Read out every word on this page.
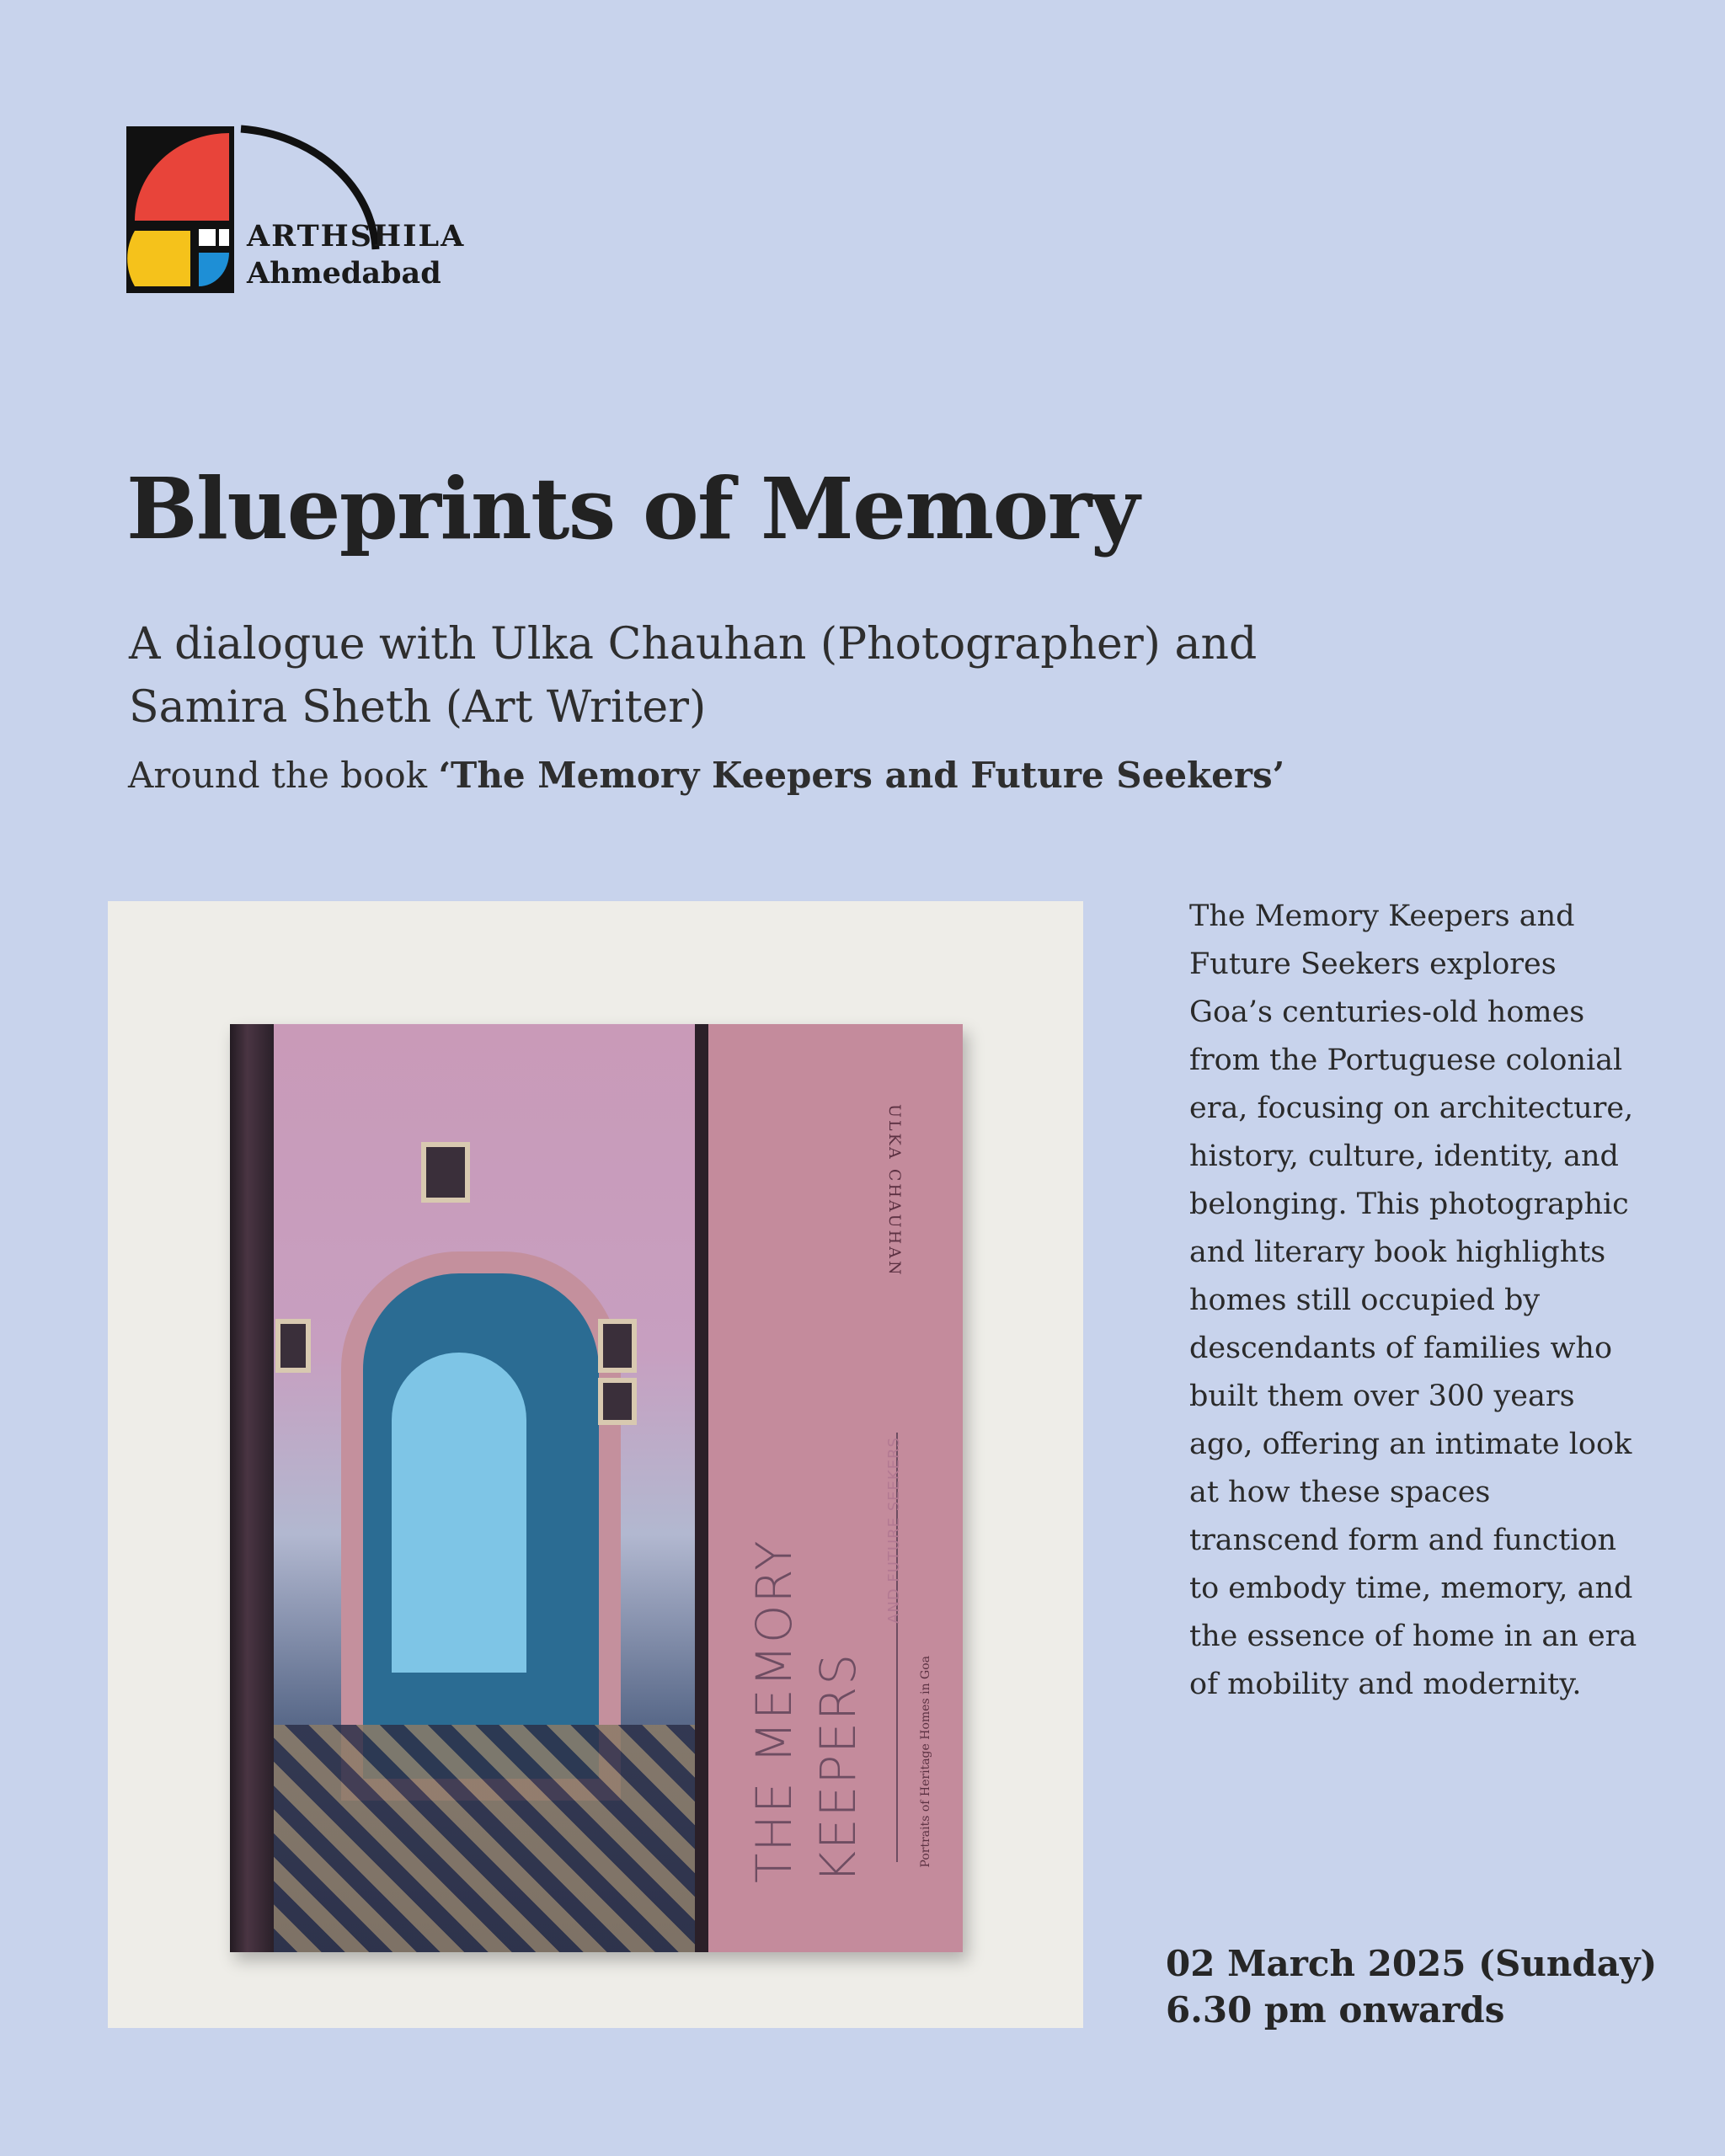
ARTHSHILA
Ahmedabad
Blueprints of Memory
A dialogue with Ulka Chauhan (Photographer) and Samira Sheth (Art Writer)
Around the book ‘The Memory Keepers and Future Seekers’
ULKA CHAUHAN
AND FUTURE SEEKERS
THE MEMORY KEEPERS	Portraits of Heritage Homes in Goa
The Memory Keepers and Future Seekers explores Goa’s centuries-old homes from the Portuguese colonial era, focusing on architecture, history, culture, identity, and belonging. This photographic and literary book highlights homes still occupied by descendants of families who built them over 300 years ago, offering an intimate look at how these spaces transcend form and function to embody time, memory, and the essence of home in an era of mobility and modernity.
02 March 2025 (Sunday)
6.30 pm onwards
